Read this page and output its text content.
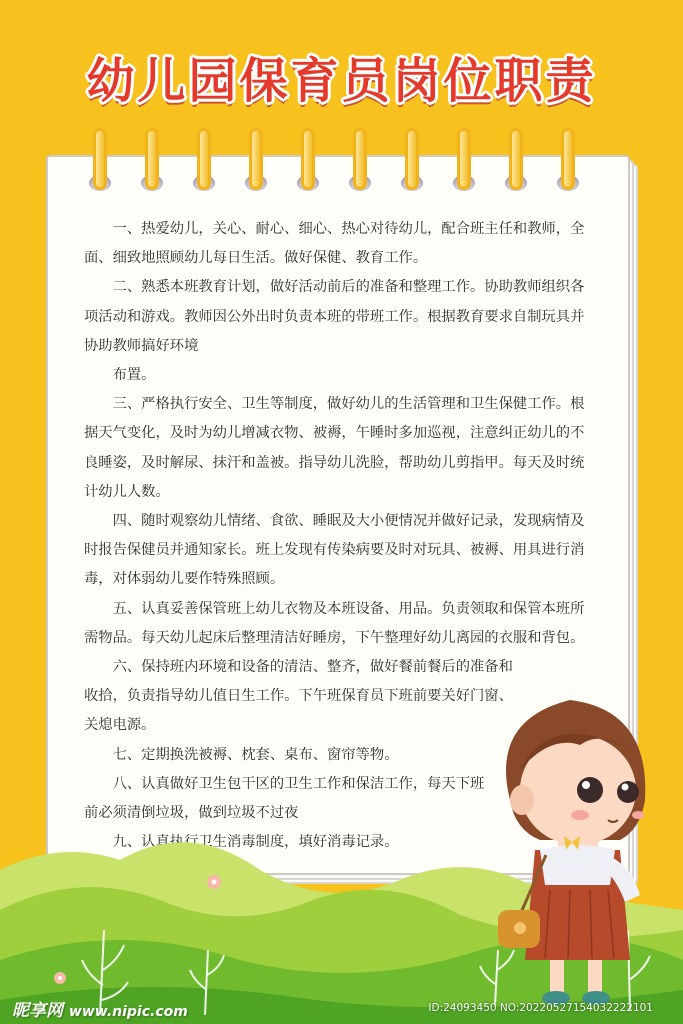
幼儿园保育员岗位职责

一、热爱幼儿，关心、耐心、细心、热心对待幼儿，配合班主任和教师，全面、细致地照顾幼儿每日生活。做好保健、教育工作。

二、熟悉本班教育计划，做好活动前后的准备和整理工作。协助教师组织各项活动和游戏。教师因公外出时负责本班的带班工作。根据教育要求自制玩具并协助教师搞好环境

布置。

三、严格执行安全、卫生等制度，做好幼儿的生活管理和卫生保健工作。根据天气变化，及时为幼儿增减衣物、被褥，午睡时多加巡视，注意纠正幼儿的不良睡姿，及时解尿、抹汗和盖被。指导幼儿洗脸，帮助幼儿剪指甲。每天及时统计幼儿人数。

四、随时观察幼儿情绪、食欲、睡眠及大小便情况并做好记录，发现病情及时报告保健员并通知家长。班上发现有传染病要及时对玩具、被褥、用具进行消毒，对体弱幼儿要作特殊照顾。

五、认真妥善保管班上幼儿衣物及本班设备、用品。负责领取和保管本班所需物品。每天幼儿起床后整理清洁好睡房，下午整理好幼儿离园的衣服和背包。

六、保持班内环境和设备的清洁、整齐，做好餐前餐后的准备和收拾，负责指导幼儿值日生工作。下午班保育员下班前要关好门窗、

关熄电源。

七、定期换洗被褥、枕套、桌布、窗帘等物。

八、认真做好卫生包干区的卫生工作和保洁工作，每天下班前必须清倒垃圾，做到垃圾不过夜

九、认真执行卫生消毒制度，填好消毒记录。

昵享网 www.nipic.com	ID:24093450 NO:20220527154032222101
